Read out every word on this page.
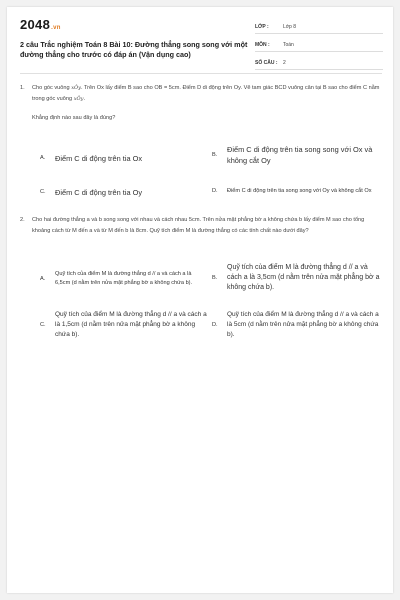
2048.vn
2 câu Trắc nghiệm Toán 8 Bài 10: Đường thẳng song song với một đường thẳng cho trước có đáp án (Vận dụng cao)
LỚP :	Lớp 8
MÔN :	Toán
SỐ CÂU :	2
1.	Cho góc vuông xÔy. Trên Ox lấy điểm B sao cho OB = 5cm. Điểm D di động trên Oy. Vẽ tam giác BCD vuông cân tại B sao cho điểm C nằm trong góc vuông xÔy.
Khẳng định nào sau đây là đúng?
A.	Điểm C di động trên tia Ox	B.
Điểm C di động trên tia song song với Ox và không cắt Oy
C.	Điểm C di động trên tia Oy	D.	Điểm C di động trên tia song song với Oy và không cắt Ox
2.	Cho hai đường thẳng a và b song song với nhau và cách nhau 5cm. Trên nửa mặt phẳng bờ a không chứa b lấy điểm M sao cho tổng khoảng cách từ M đến a và từ M đến b là 8cm. Quỹ tích điểm M là đường thẳng có các tính chất nào dưới đây?
A.
Quỹ tích của điểm M là đường thẳng d // a và cách a là 6,5cm (d nằm trên nửa mặt phẳng bờ a không chứa b).
B.
Quỹ tích của điểm M là đường thẳng d // a và cách a là 3,5cm (d nằm trên nửa mặt phẳng bờ a không chứa b).
C.
Quỹ tích của điểm M là đường thẳng d // a và cách a là 1,5cm (d nằm trên nửa mặt phẳng bờ a không chứa b).
D.
Quỹ tích của điểm M là đường thẳng d // a và cách a là 5cm (d nằm trên nửa mặt phẳng bờ a không chứa b).
